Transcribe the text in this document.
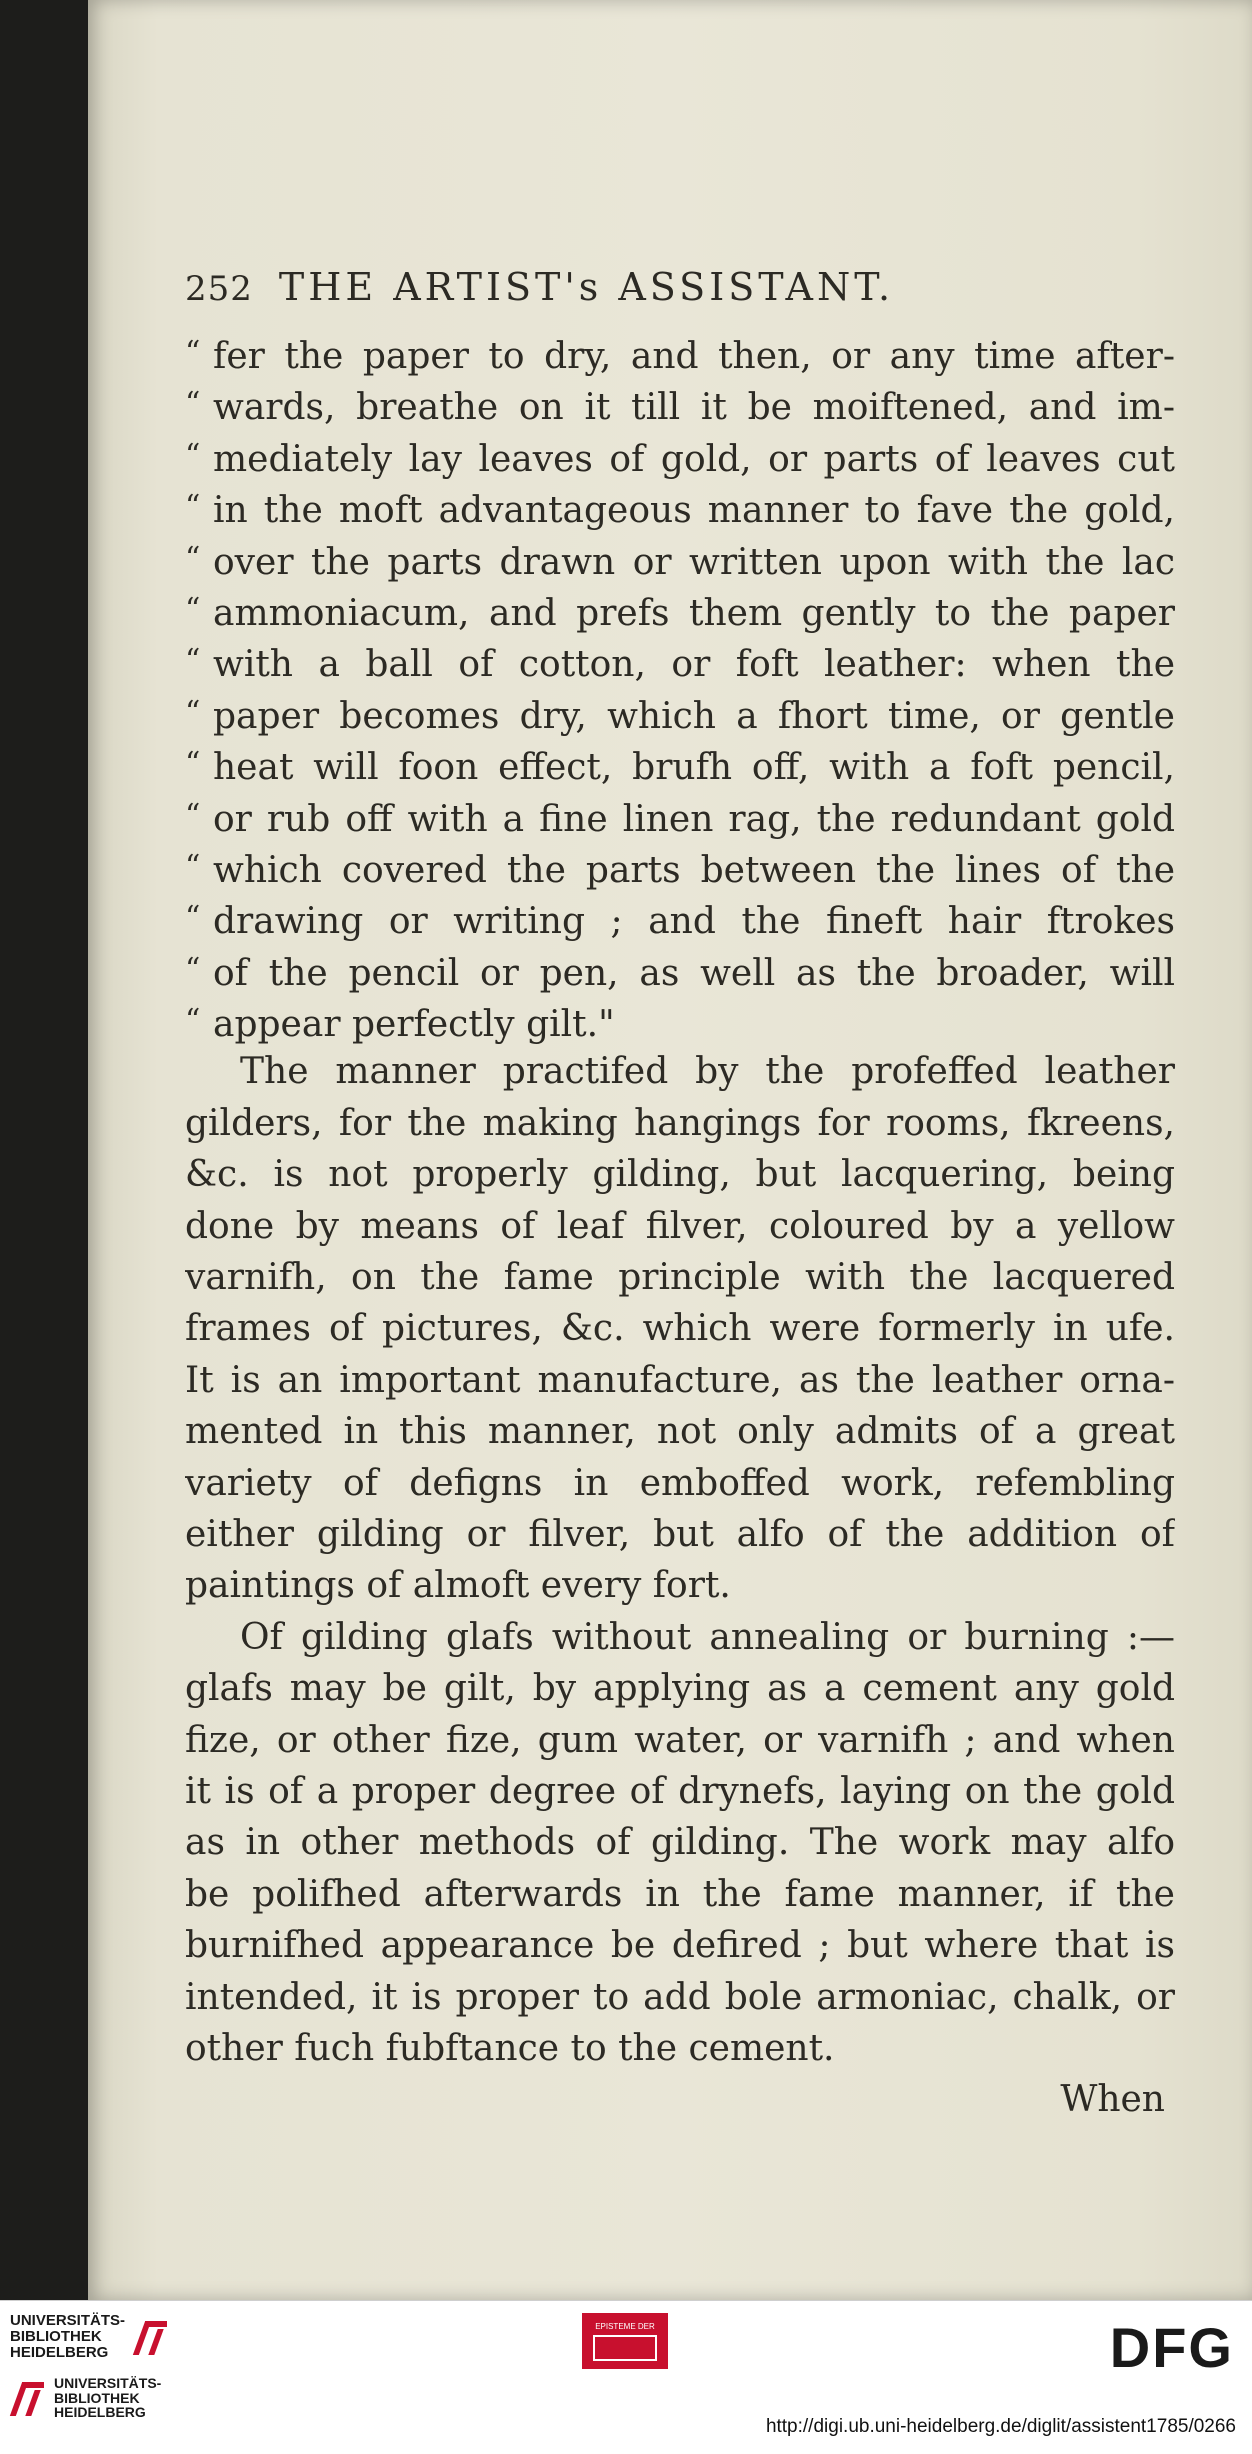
252 THE ARTIST's ASSISTANT.
“ fer the paper to dry, and then, or any time after-
“ wards, breathe on it till it be moiftened, and im-
“ mediately lay leaves of gold, or parts of leaves cut
“ in the moft advantageous manner to fave the gold,
“ over the parts drawn or written upon with the lac
“ ammoniacum, and prefs them gently to the paper
“ with a ball of cotton, or foft leather: when the
“ paper becomes dry, which a fhort time, or gentle
“ heat will foon effect, brufh off, with a foft pencil,
“ or rub off with a fine linen rag, the redundant gold
“ which covered the parts between the lines of the
“ drawing or writing ; and the fineft hair ftrokes
“ of the pencil or pen, as well as the broader, will
“ appear perfectly gilt."
The manner practifed by the profeffed leather
gilders, for the making hangings for rooms, fkreens,
&c. is not properly gilding, but lacquering, being
done by means of leaf filver, coloured by a yellow
varnifh, on the fame principle with the lacquered
frames of pictures, &c. which were formerly in ufe.
It is an important manufacture, as the leather orna-
mented in this manner, not only admits of a great
variety of defigns in emboffed work, refembling
either gilding or filver, but alfo of the addition of
paintings of almoft every fort.
Of gilding glafs without annealing or burning :—
glafs may be gilt, by applying as a cement any gold
fize, or other fize, gum water, or varnifh ; and when
it is of a proper degree of drynefs, laying on the gold
as in other methods of gilding. The work may alfo
be polifhed afterwards in the fame manner, if the
burnifhed appearance be defired ; but where that is
intended, it is proper to add bole armoniac, chalk, or
other fuch fubftance to the cement.
When
UNIVERSITÄTS-
BIBLIOTHEK
HEIDELBERG
UNIVERSITÄTS-
BIBLIOTHEK
HEIDELBERG
EPISTEME DER	DFG
http://digi.ub.uni-heidelberg.de/diglit/assistent1785/0266
